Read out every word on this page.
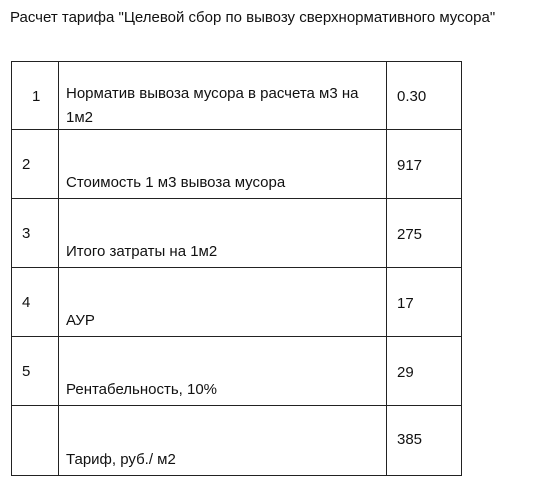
Расчет тарифа "Целевой сбор по вывозу сверхнормативного мусора"
1	Норматив вывоза мусора в расчета м3 на 1м2	0.30

2	Стоимость 1 м3 вывоза мусора	917

3	Итого затраты на 1м2	275

4	АУР	17

5	Рентабельность, 10%	29

	Тариф, руб./ м2	385
